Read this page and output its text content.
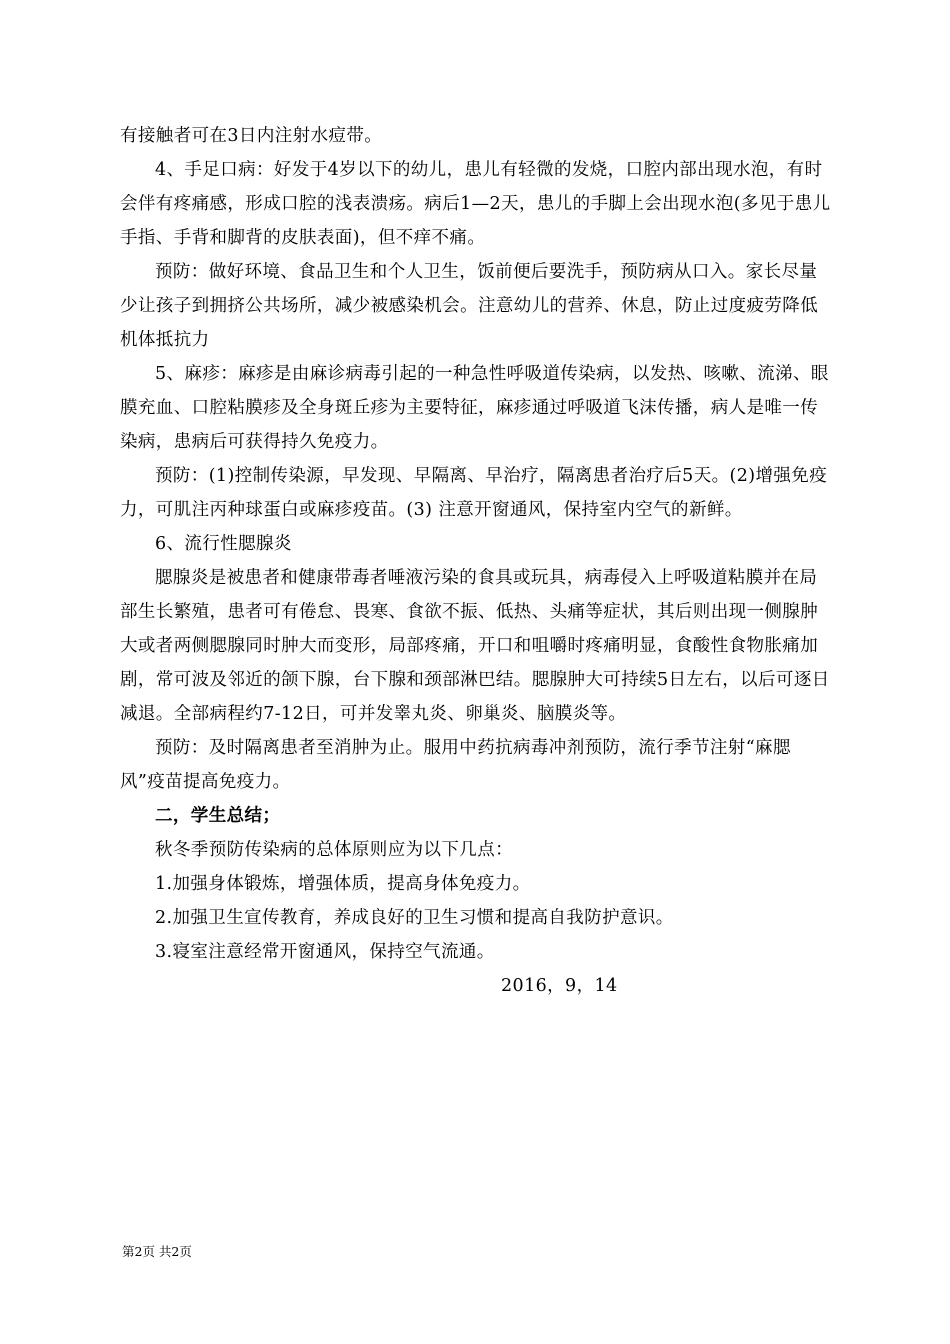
有接触者可在3日内注射水痘带。

4、手足口病：好发于4岁以下的幼儿，患儿有轻微的发烧，口腔内部出现水泡，有时会伴有疼痛感，形成口腔的浅表溃疡。病后1—2天，患儿的手脚上会出现水泡(多见于患儿手指、手背和脚背的皮肤表面)，但不痒不痛。

预防：做好环境、食品卫生和个人卫生，饭前便后要洗手，预防病从口入。家长尽量少让孩子到拥挤公共场所，减少被感染机会。注意幼儿的营养、休息，防止过度疲劳降低机体抵抗力

5、麻疹：麻疹是由麻诊病毒引起的一种急性呼吸道传染病，以发热、咳嗽、流涕、眼膜充血、口腔粘膜疹及全身斑丘疹为主要特征，麻疹通过呼吸道飞沫传播，病人是唯一传染病，患病后可获得持久免疫力。

预防：(1)控制传染源，早发现、早隔离、早治疗，隔离患者治疗后5天。(2)增强免疫力，可肌注丙种球蛋白或麻疹疫苗。(3) 注意开窗通风，保持室内空气的新鲜。

6、流行性腮腺炎

腮腺炎是被患者和健康带毒者唾液污染的食具或玩具，病毒侵入上呼吸道粘膜并在局部生长繁殖，患者可有倦怠、畏寒、食欲不振、低热、头痛等症状，其后则出现一侧腺肿大或者两侧腮腺同时肿大而变形，局部疼痛，开口和咀嚼时疼痛明显，食酸性食物胀痛加剧，常可波及邻近的颌下腺，台下腺和颈部淋巴结。腮腺肿大可持续5日左右，以后可逐日减退。全部病程约7-12日，可并发睾丸炎、卵巢炎、脑膜炎等。

预防：及时隔离患者至消肿为止。服用中药抗病毒冲剂预防，流行季节注射“麻腮风”疫苗提高免疫力。

二，学生总结；

秋冬季预防传染病的总体原则应为以下几点：

1.加强身体锻炼，增强体质，提高身体免疫力。

2.加强卫生宣传教育，养成良好的卫生习惯和提高自我防护意识。

3.寝室注意经常开窗通风，保持空气流通。

2016，9，14

第2页 共2页
